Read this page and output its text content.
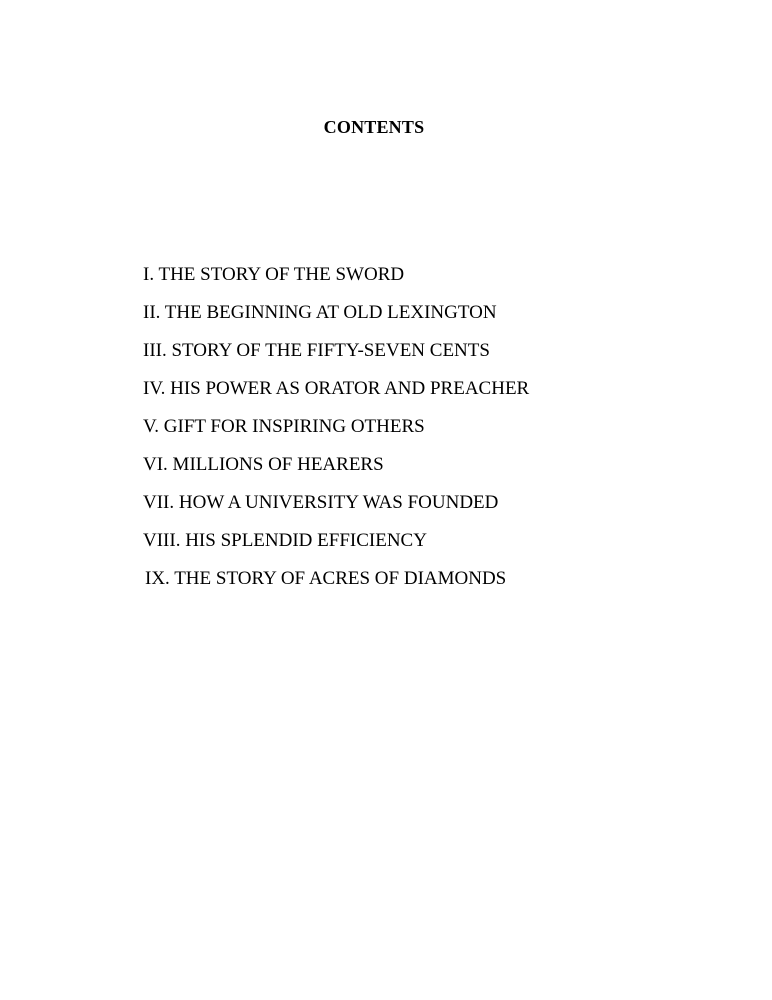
CONTENTS
I. THE STORY OF THE SWORD
II. THE BEGINNING AT OLD LEXINGTON
III. STORY OF THE FIFTY-SEVEN CENTS
IV. HIS POWER AS ORATOR AND PREACHER
V. GIFT FOR INSPIRING OTHERS
VI. MILLIONS OF HEARERS
VII. HOW A UNIVERSITY WAS FOUNDED
VIII. HIS SPLENDID EFFICIENCY
IX. THE STORY OF ACRES OF DIAMONDS
